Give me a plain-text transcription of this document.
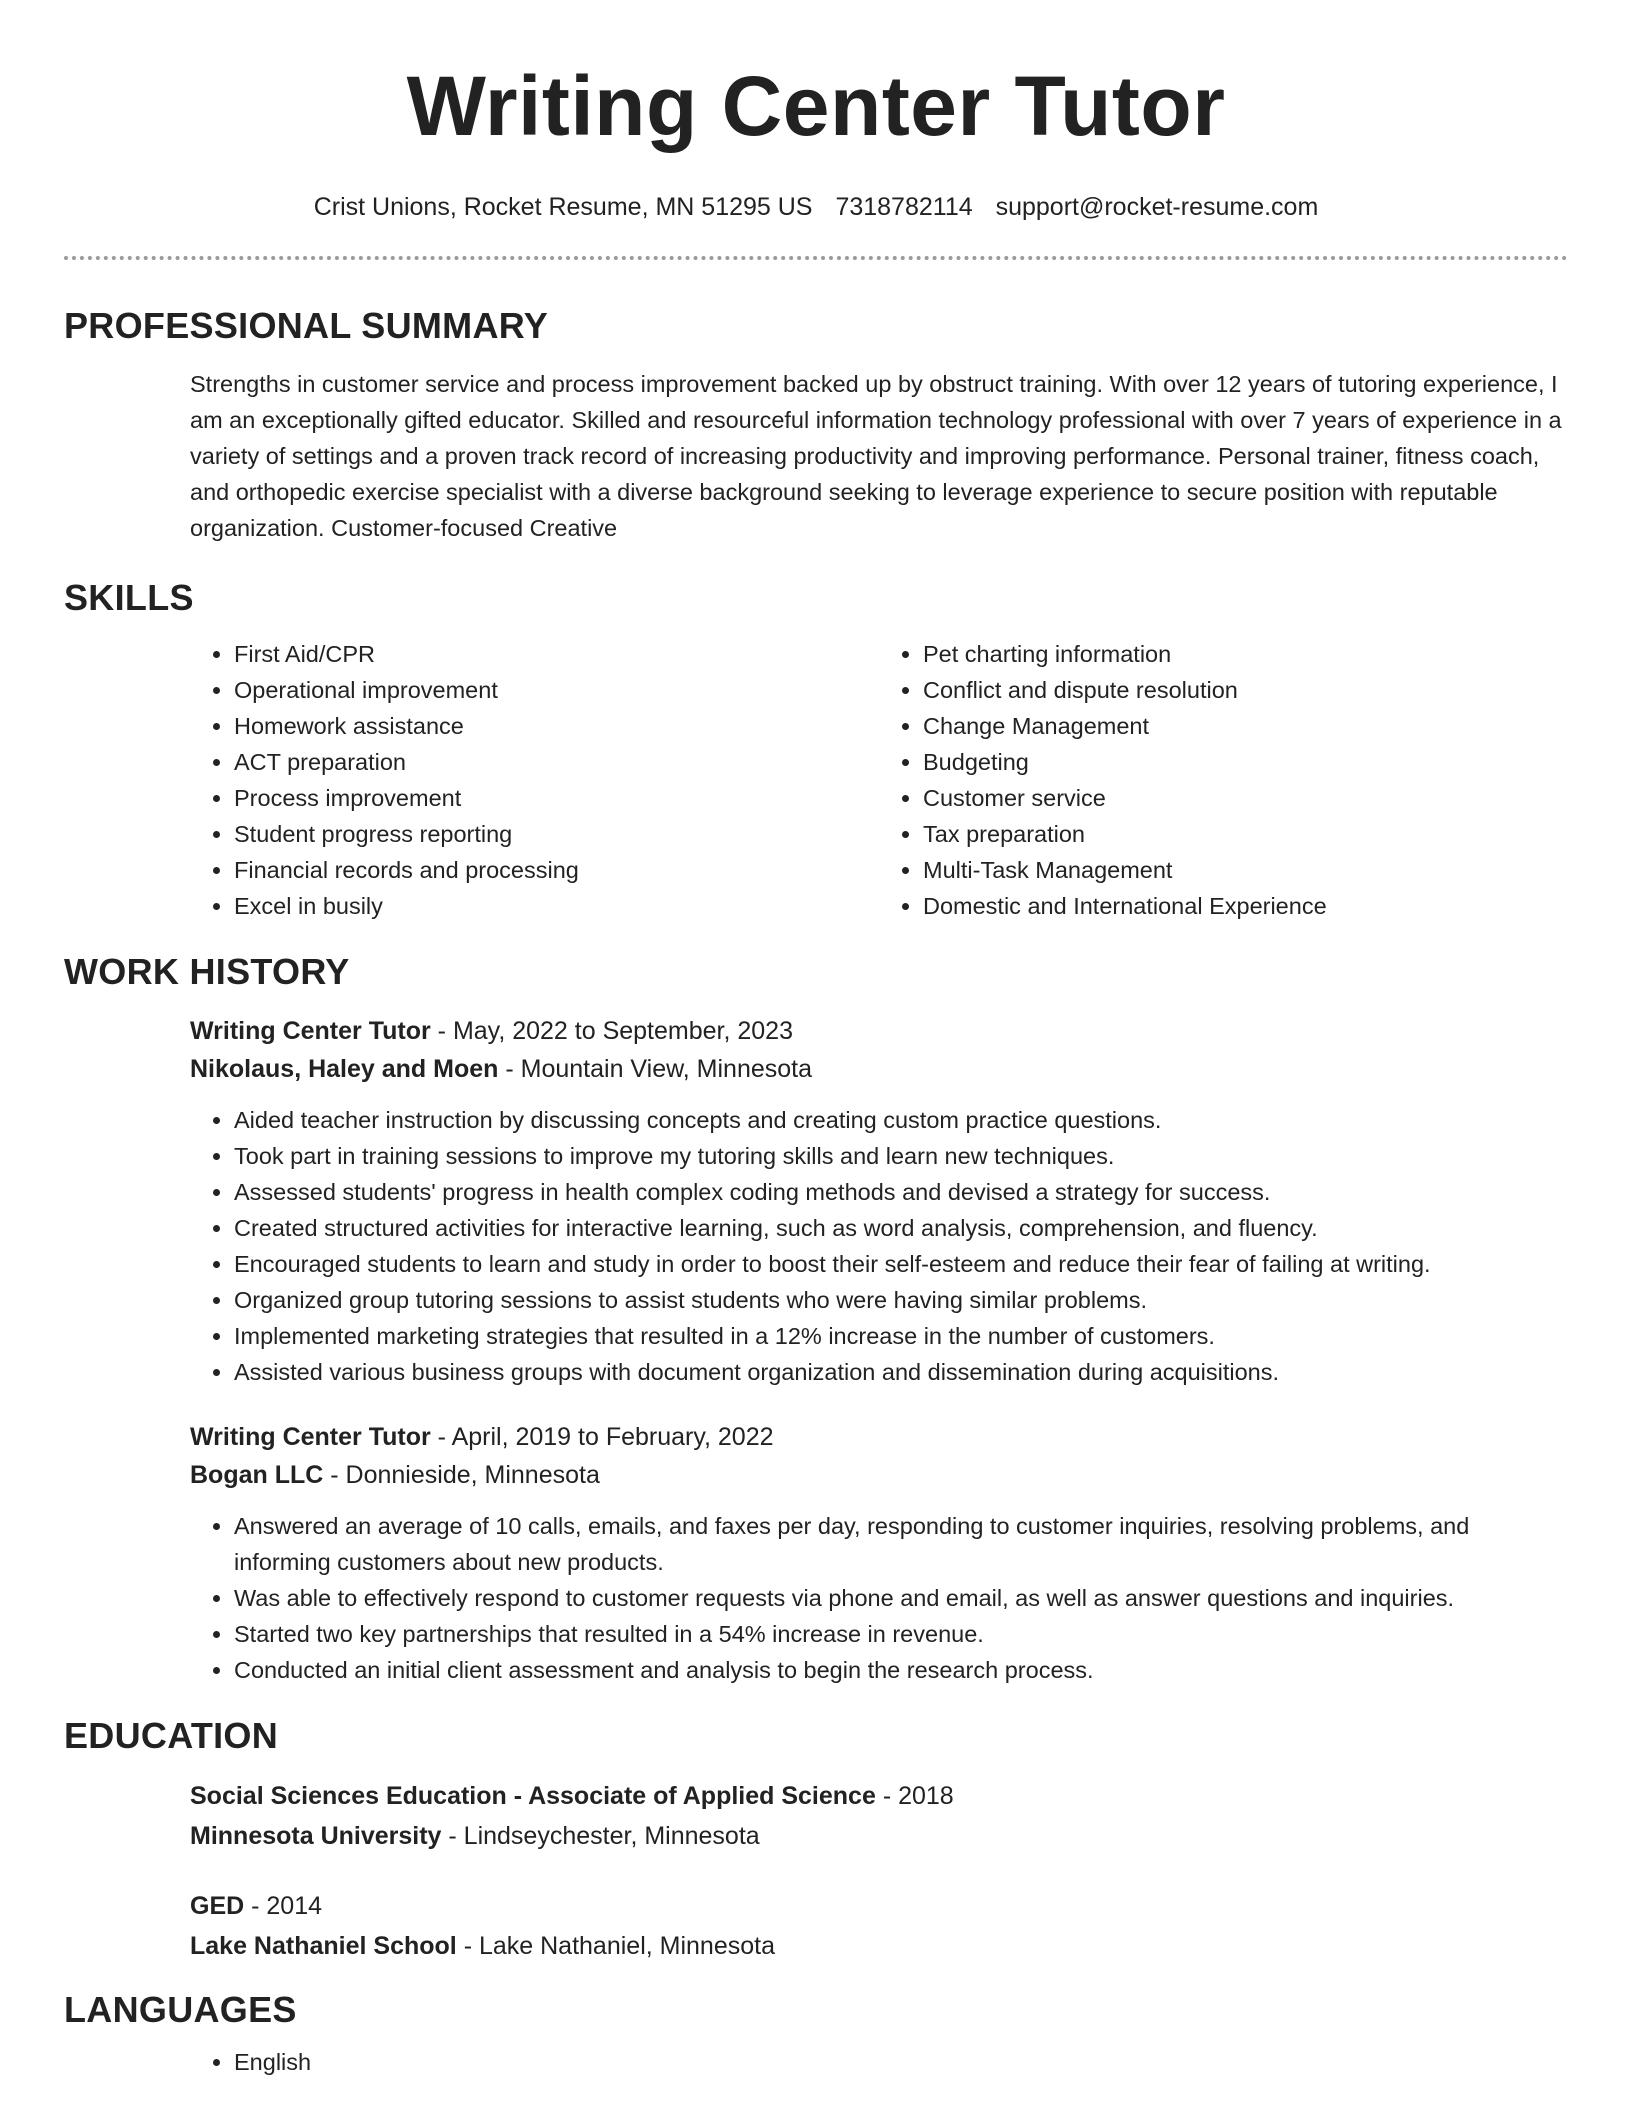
Writing Center Tutor
Crist Unions, Rocket Resume, MN 51295 US 7318782114 support@rocket-resume.com
PROFESSIONAL SUMMARY

Strengths in customer service and process improvement backed up by obstruct training. With over 12 years of tutoring experience, I am an exceptionally gifted educator. Skilled and resourceful information technology professional with over 7 years of experience in a variety of settings and a proven track record of increasing productivity and improving performance. Personal trainer, fitness coach, and orthopedic exercise specialist with a diverse background seeking to leverage experience to secure position with reputable organization. Customer-focused Creative

SKILLS
• First Aid/CPR
• Operational improvement
• Homework assistance
• ACT preparation
• Process improvement
• Student progress reporting
• Financial records and processing
• Excel in busily
• Pet charting information
• Conflict and dispute resolution
• Change Management
• Budgeting
• Customer service
• Tax preparation
• Multi-Task Management
• Domestic and International Experience
WORK HISTORY
Writing Center Tutor - May, 2022 to September, 2023
Nikolaus, Haley and Moen - Mountain View, Minnesota
• Aided teacher instruction by discussing concepts and creating custom practice questions.
• Took part in training sessions to improve my tutoring skills and learn new techniques.
• Assessed students' progress in health complex coding methods and devised a strategy for success.
• Created structured activities for interactive learning, such as word analysis, comprehension, and fluency.
• Encouraged students to learn and study in order to boost their self-esteem and reduce their fear of failing at writing.
• Organized group tutoring sessions to assist students who were having similar problems.
• Implemented marketing strategies that resulted in a 12% increase in the number of customers.
• Assisted various business groups with document organization and dissemination during acquisitions.
Writing Center Tutor - April, 2019 to February, 2022
Bogan LLC - Donnieside, Minnesota
• Answered an average of 10 calls, emails, and faxes per day, responding to customer inquiries, resolving problems, and informing customers about new products.
• Was able to effectively respond to customer requests via phone and email, as well as answer questions and inquiries.
• Started two key partnerships that resulted in a 54% increase in revenue.
• Conducted an initial client assessment and analysis to begin the research process.
EDUCATION
Social Sciences Education - Associate of Applied Science - 2018
Minnesota University - Lindseychester, Minnesota
GED - 2014
Lake Nathaniel School - Lake Nathaniel, Minnesota
LANGUAGES
• English
